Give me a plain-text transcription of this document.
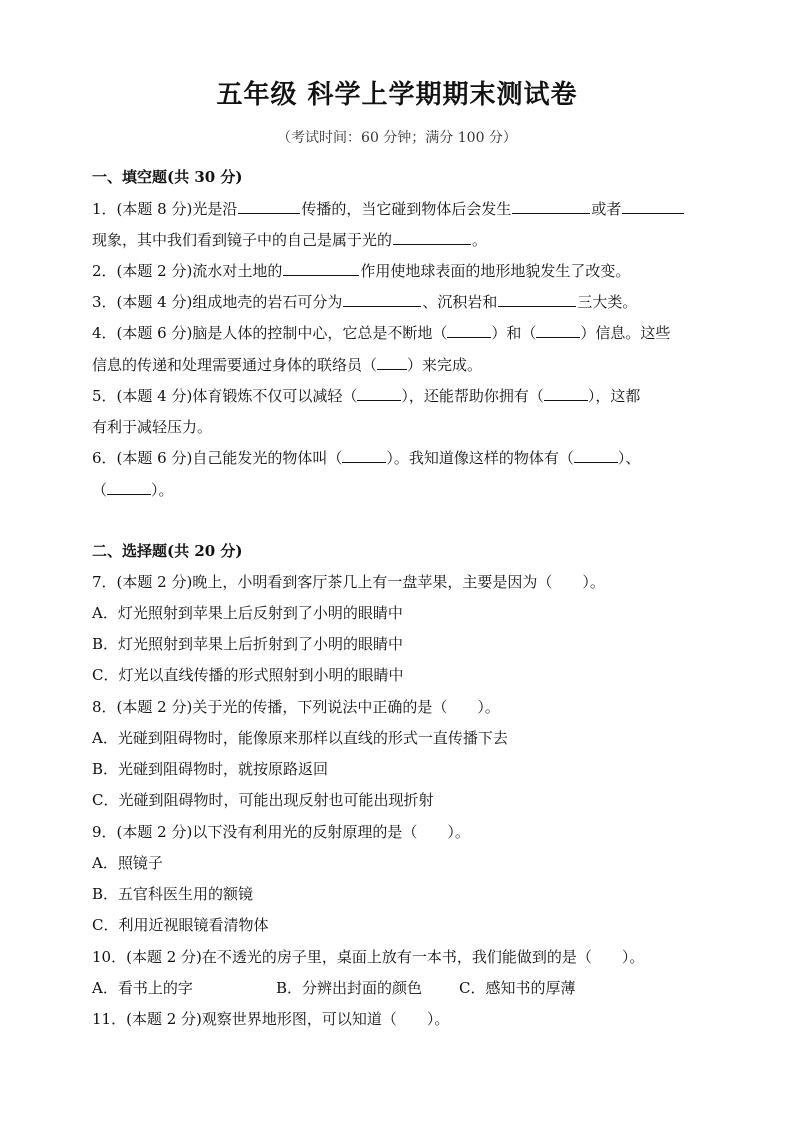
五年级 科学上学期期末测试卷
（考试时间：60 分钟；满分 100 分）
一、填空题(共 30 分)
1．(本题 8 分)光是沿	传播的，当它碰到物体后会发生	或者
现象，其中我们看到镜子中的自己是属于光的	。
2．(本题 2 分)流水对土地的	作用使地球表面的地形地貌发生了改变。
3．(本题 4 分)组成地壳的岩石可分为	、沉积岩和	三大类。
4．(本题 6 分)脑是人体的控制中心，它总是不断地（	）和（	）信息。这些
信息的传递和处理需要通过身体的联络员（ ）来完成。
5．(本题 4 分)体育锻炼不仅可以减轻（	），还能帮助你拥有（	），这都
有利于减轻压力。
6．(本题 6 分)自己能发光的物体叫（	）。我知道像这样的物体有（	）、
（	）。
二、选择题(共 20 分)
7．(本题 2 分)晚上，小明看到客厅茶几上有一盘苹果，主要是因为（　　）。
A．灯光照射到苹果上后反射到了小明的眼睛中
B．灯光照射到苹果上后折射到了小明的眼睛中
C．灯光以直线传播的形式照射到小明的眼睛中
8．(本题 2 分)关于光的传播，下列说法中正确的是（　　）。
A．光碰到阻碍物时，能像原来那样以直线的形式一直传播下去
B．光碰到阻碍物时，就按原路返回
C．光碰到阻碍物时，可能出现反射也可能出现折射
9．(本题 2 分)以下没有利用光的反射原理的是（　　）。
A．照镜子
B．五官科医生用的额镜
C．利用近视眼镜看清物体
10．(本题 2 分)在不透光的房子里，桌面上放有一本书，我们能做到的是（　　）。
A．看书上的字	B．分辨出封面的颜色 C．感知书的厚薄
11．(本题 2 分)观察世界地形图，可以知道（　　）。
